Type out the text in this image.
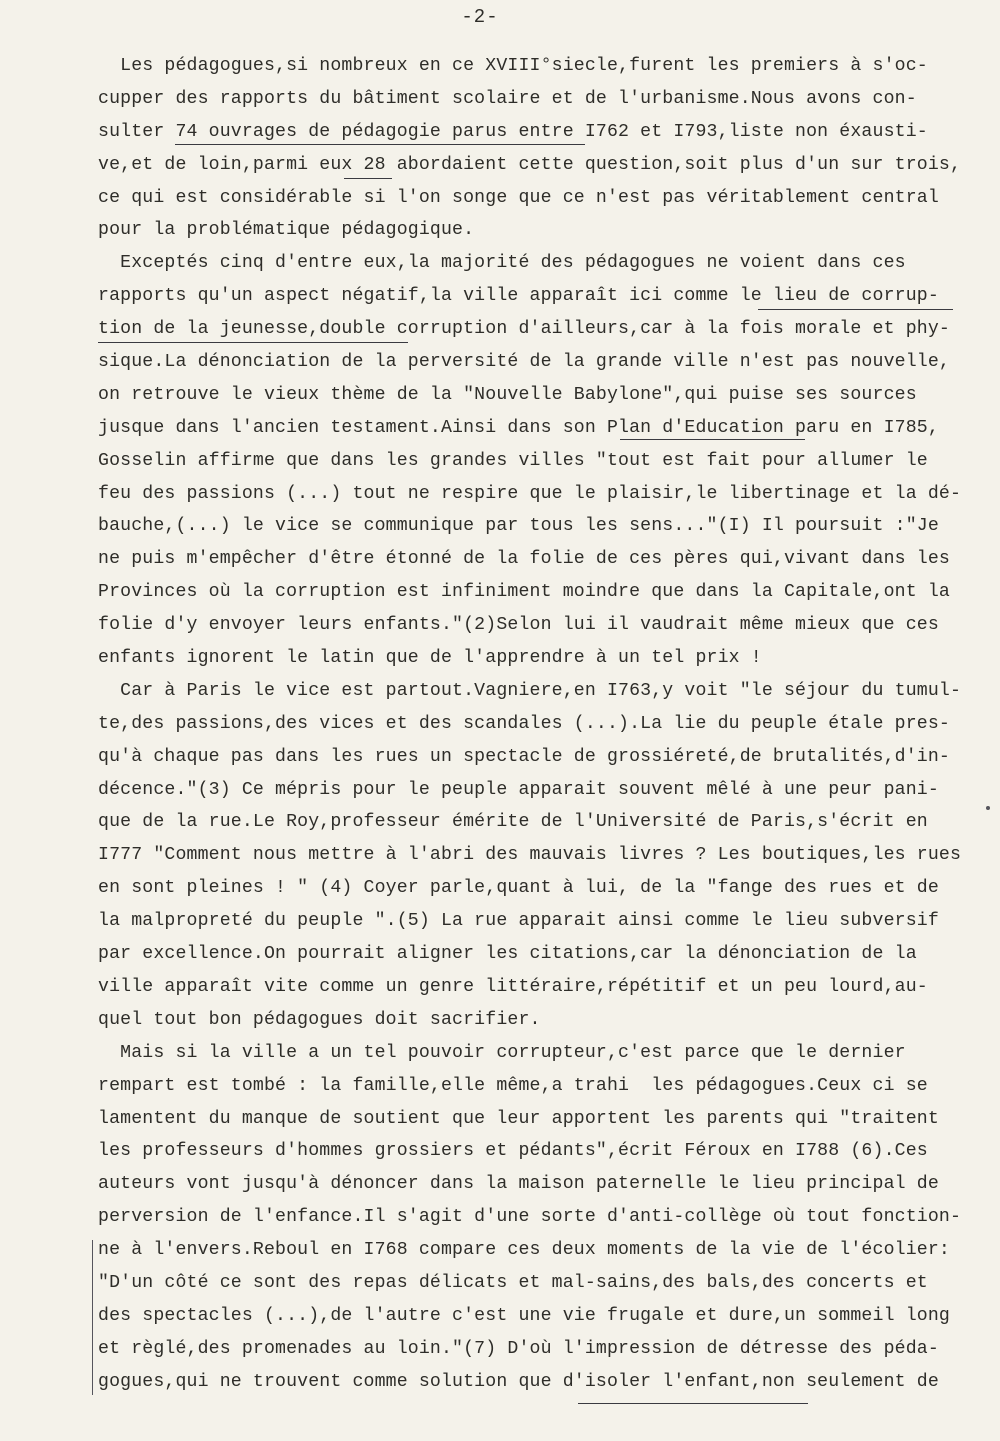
-2-
Les pédagogues,si nombreux en ce XVIII°siecle,furent les premiers à s'oc-
cupper des rapports du bâtiment scolaire et de l'urbanisme.Nous avons con-
sulter 74 ouvrages de pédagogie parus entre I762 et I793,liste non éxausti-
ve,et de loin,parmi eux 28 abordaient cette question,soit plus d'un sur trois,
ce qui est considérable si l'on songe que ce n'est pas véritablement central
pour la problématique pédagogique.
Exceptés cinq d'entre eux,la majorité des pédagogues ne voient dans ces
rapports qu'un aspect négatif,la ville apparaît ici comme le lieu de corrup-
tion de la jeunesse,double corruption d'ailleurs,car à la fois morale et phy-
sique.La dénonciation de la perversité de la grande ville n'est pas nouvelle,
on retrouve le vieux thème de la "Nouvelle Babylone",qui puise ses sources
jusque dans l'ancien testament.Ainsi dans son Plan d'Education paru en I785,
Gosselin affirme que dans les grandes villes "tout est fait pour allumer le
feu des passions (...) tout ne respire que le plaisir,le libertinage et la dé-
bauche,(...) le vice se communique par tous les sens..."(I) Il poursuit :"Je
ne puis m'empêcher d'être étonné de la folie de ces pères qui,vivant dans les
Provinces où la corruption est infiniment moindre que dans la Capitale,ont la
folie d'y envoyer leurs enfants."(2)Selon lui il vaudrait même mieux que ces
enfants ignorent le latin que de l'apprendre à un tel prix !
Car à Paris le vice est partout.Vagniere,en I763,y voit "le séjour du tumul-
te,des passions,des vices et des scandales (...).La lie du peuple étale pres-
qu'à chaque pas dans les rues un spectacle de grossiéreté,de brutalités,d'in-
décence."(3) Ce mépris pour le peuple apparait souvent mêlé à une peur pani-
que de la rue.Le Roy,professeur émérite de l'Université de Paris,s'écrit en
I777 "Comment nous mettre à l'abri des mauvais livres ? Les boutiques,les rues
en sont pleines ! " (4) Coyer parle,quant à lui, de la "fange des rues et de
la malpropreté du peuple ".(5) La rue apparait ainsi comme le lieu subversif
par excellence.On pourrait aligner les citations,car la dénonciation de la
ville apparaît vite comme un genre littéraire,répétitif et un peu lourd,au-
quel tout bon pédagogues doit sacrifier.
Mais si la ville a un tel pouvoir corrupteur,c'est parce que le dernier
rempart est tombé : la famille,elle même,a trahi  les pédagogues.Ceux ci se
lamentent du manque de soutient que leur apportent les parents qui "traitent
les professeurs d'hommes grossiers et pédants",écrit Féroux en I788 (6).Ces
auteurs vont jusqu'à dénoncer dans la maison paternelle le lieu principal de
perversion de l'enfance.Il s'agit d'une sorte d'anti-collège où tout fonction-
ne à l'envers.Reboul en I768 compare ces deux moments de la vie de l'écolier:
"D'un côté ce sont des repas délicats et mal-sains,des bals,des concerts et
des spectacles (...),de l'autre c'est une vie frugale et dure,un sommeil long
et règlé,des promenades au loin."(7) D'où l'impression de détresse des péda-
gogues,qui ne trouvent comme solution que d'isoler l'enfant,non seulement de
